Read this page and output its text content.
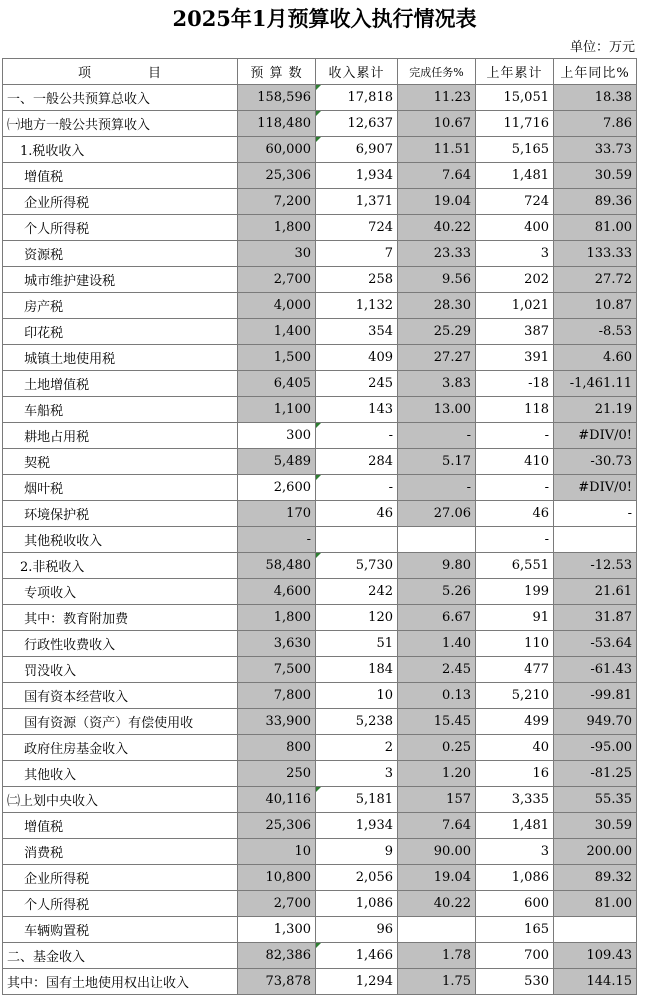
2025年1月预算收入执行情况表
单位：万元
项　　　　目	预 算 数	收入累计	完成任务%	上年累计	上年同比%
一、一般公共预算总收入	158,596	17,818	11.23	15,051	18.38
㈠地方一般公共预算收入	118,480	12,637	10.67	11,716	7.86
　1.税收收入	60,000	6,907	11.51	5,165	33.73
　 增值税	25,306	1,934	7.64	1,481	30.59
　 企业所得税	7,200	1,371	19.04	724	89.36
　 个人所得税	1,800	724	40.22	400	81.00
　 资源税	30	7	23.33	3	133.33
　 城市维护建设税	2,700	258	9.56	202	27.72
　 房产税	4,000	1,132	28.30	1,021	10.87
　 印花税	1,400	354	25.29	387	-8.53
　 城镇土地使用税	1,500	409	27.27	391	4.60
　 土地增值税	6,405	245	3.83	-18	-1,461.11
　 车船税	1,100	143	13.00	118	21.19
　 耕地占用税	300	-	-	-	#DIV/0!
　 契税	5,489	284	5.17	410	-30.73
　 烟叶税	2,600	-	-	-	#DIV/0!
　 环境保护税	170	46	27.06	46	-
　 其他税收收入	-			-	
　2.非税收入	58,480	5,730	9.80	6,551	-12.53
　 专项收入	4,600	242	5.26	199	21.61
　 其中：教育附加费	1,800	120	6.67	91	31.87
　 行政性收费收入	3,630	51	1.40	110	-53.64
　 罚没收入	7,500	184	2.45	477	-61.43
　 国有资本经营收入	7,800	10	0.13	5,210	-99.81
　 国有资源（资产）有偿使用收	33,900	5,238	15.45	499	949.70
　 政府住房基金收入	800	2	0.25	40	-95.00
　 其他收入	250	3	1.20	16	-81.25
㈡上划中央收入	40,116	5,181	157	3,335	55.35
　 增值税	25,306	1,934	7.64	1,481	30.59
　 消费税	10	9	90.00	3	200.00
　 企业所得税	10,800	2,056	19.04	1,086	89.32
　 个人所得税	2,700	1,086	40.22	600	81.00
　 车辆购置税	1,300	96		165	
二、基金收入	82,386	1,466	1.78	700	109.43
其中：国有土地使用权出让收入	73,878	1,294	1.75	530	144.15
